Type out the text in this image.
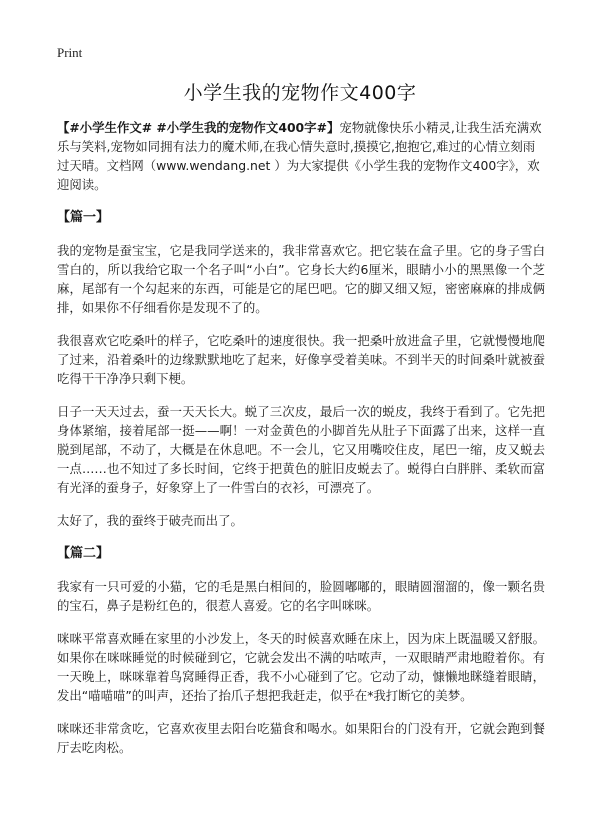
Print
小学生我的宠物作文400字

【#小学生作文# #小学生我的宠物作文400字#】宠物就像快乐小精灵,让我生活充满欢乐与笑料,宠物如同拥有法力的魔术师,在我心情失意时,摸摸它,抱抱它,难过的心情立刻雨过天晴。文档网（www.wendang.net ）为大家提供《小学生我的宠物作文400字》，欢迎阅读。

【篇一】

我的宠物是蚕宝宝，它是我同学送来的，我非常喜欢它。把它装在盒子里。它的身子雪白雪白的，所以我给它取一个名子叫“小白”。它身长大约6厘米，眼睛小小的黑黑像一个芝麻，尾部有一个勾起来的东西，可能是它的尾巴吧。它的脚又细又短，密密麻麻的排成俩排，如果你不仔细看你是发现不了的。

我很喜欢它吃桑叶的样子，它吃桑叶的速度很快。我一把桑叶放进盒子里，它就慢慢地爬了过来，沿着桑叶的边缘默默地吃了起来，好像享受着美味。不到半天的时间桑叶就被蚕吃得干干净净只剩下梗。

日子一天天过去，蚕一天天长大。蜕了三次皮，最后一次的蜕皮，我终于看到了。它先把身体紧缩，接着尾部一挺——啊！一对金黄色的小脚首先从肚子下面露了出来，这样一直脱到尾部，不动了，大概是在休息吧。不一会儿，它又用嘴咬住皮，尾巴一缩，皮又蜕去一点……也不知过了多长时间，它终于把黄色的脏旧皮蜕去了。蜕得白白胖胖、柔软而富有光泽的蚕身子，好象穿上了一件雪白的衣衫，可漂亮了。

太好了，我的蚕终于破壳而出了。

【篇二】

我家有一只可爱的小猫，它的毛是黑白相间的，脸圆嘟嘟的，眼睛圆溜溜的，像一颗名贵的宝石，鼻子是粉红色的，很惹人喜爱。它的名字叫咪咪。

咪咪平常喜欢睡在家里的小沙发上，冬天的时候喜欢睡在床上，因为床上既温暖又舒服。如果你在咪咪睡觉的时候碰到它，它就会发出不满的咕哝声，一双眼睛严肃地瞪着你。有一天晚上，咪咪靠着鸟窝睡得正香，我不小心碰到了它。它动了动，慷懒地眯缝着眼睛，发出“喵喵喵”的叫声，还抬了抬爪子想把我赶走，似乎在*我打断它的美梦。

咪咪还非常贪吃，它喜欢夜里去阳台吃猫食和喝水。如果阳台的门没有开，它就会跑到餐厅去吃肉松。
